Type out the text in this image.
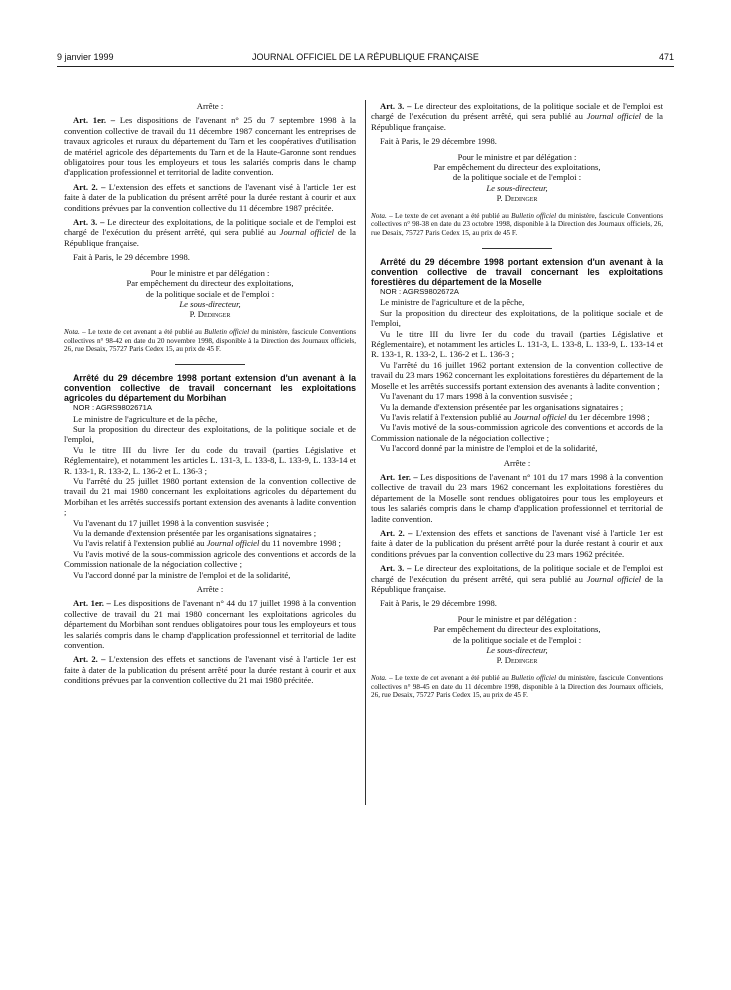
9 janvier 1999	JOURNAL OFFICIEL DE LA RÉPUBLIQUE FRANÇAISE	471

Arrête :

Art. 1er. – Les dispositions de l'avenant n° 25 du 7 septembre 1998 à la convention collective de travail du 11 décembre 1987 concernant les entreprises de travaux agricoles et ruraux du département du Tarn et les coopératives d'utilisation de matériel agricole des départements du Tarn et de la Haute-Garonne sont rendues obligatoires pour tous les employeurs et tous les salariés compris dans le champ d'application professionnel et territorial de ladite convention.

Art. 2. – L'extension des effets et sanctions de l'avenant visé à l'article 1er est faite à dater de la publication du présent arrêté pour la durée restant à courir et aux conditions prévues par la convention collective du 11 décembre 1987 précitée.

Art. 3. – Le directeur des exploitations, de la politique sociale et de l'emploi est chargé de l'exécution du présent arrêté, qui sera publié au Journal officiel de la République française.

Fait à Paris, le 29 décembre 1998.

Pour le ministre et par délégation :

Par empêchement du directeur des exploitations,

de la politique sociale et de l'emploi :

Le sous-directeur,

P. Dedinger

Nota. – Le texte de cet avenant a été publié au Bulletin officiel du ministère, fascicule Conventions collectives n° 98-42 en date du 20 novembre 1998, disponible à la Direction des Journaux officiels, 26, rue Desaix, 75727 Paris Cedex 15, au prix de 45 F.

Arrêté du 29 décembre 1998 portant extension d'un avenant à la convention collective de travail concernant les exploitations agricoles du département du Morbihan

NOR : AGRS9802671A

Le ministre de l'agriculture et de la pêche,

Sur la proposition du directeur des exploitations, de la politique sociale et de l'emploi,

Vu le titre III du livre Ier du code du travail (parties Législative et Réglementaire), et notamment les articles L. 131-3, L. 133-8, L. 133-9, L. 133-14 et R. 133-1, R. 133-2, L. 136-2 et L. 136-3 ;

Vu l'arrêté du 25 juillet 1980 portant extension de la convention collective de travail du 21 mai 1980 concernant les exploitations agricoles du département du Morbihan et les arrêtés successifs portant extension des avenants à ladite convention ;

Vu l'avenant du 17 juillet 1998 à la convention susvisée ;

Vu la demande d'extension présentée par les organisations signataires ;

Vu l'avis relatif à l'extension publié au Journal officiel du 11 novembre 1998 ;

Vu l'avis motivé de la sous-commission agricole des conventions et accords de la Commission nationale de la négociation collective ;

Vu l'accord donné par la ministre de l'emploi et de la solidarité,

Arrête :

Art. 1er. – Les dispositions de l'avenant n° 44 du 17 juillet 1998 à la convention collective de travail du 21 mai 1980 concernant les exploitations agricoles du département du Morbihan sont rendues obligatoires pour tous les employeurs et tous les salariés compris dans le champ d'application professionnel et territorial de ladite convention.

Art. 2. – L'extension des effets et sanctions de l'avenant visé à l'article 1er est faite à dater de la publication du présent arrêté pour la durée restant à courir et aux conditions prévues par la convention collective du 21 mai 1980 précitée.

Art. 3. – Le directeur des exploitations, de la politique sociale et de l'emploi est chargé de l'exécution du présent arrêté, qui sera publié au Journal officiel de la République française.

Fait à Paris, le 29 décembre 1998.

Pour le ministre et par délégation :

Par empêchement du directeur des exploitations,

de la politique sociale et de l'emploi :

Le sous-directeur,

P. Dedinger

Nota. – Le texte de cet avenant a été publié au Bulletin officiel du ministère, fascicule Conventions collectives n° 98-38 en date du 23 octobre 1998, disponible à la Direction des Journaux officiels, 26, rue Desaix, 75727 Paris Cedex 15, au prix de 45 F.

Arrêté du 29 décembre 1998 portant extension d'un avenant à la convention collective de travail concernant les exploitations forestières du département de la Moselle

NOR : AGRS9802672A

Le ministre de l'agriculture et de la pêche,

Sur la proposition du directeur des exploitations, de la politique sociale et de l'emploi,

Vu le titre III du livre Ier du code du travail (parties Législative et Réglementaire), et notamment les articles L. 131-3, L. 133-8, L. 133-9, L. 133-14 et R. 133-1, R. 133-2, L. 136-2 et L. 136-3 ;

Vu l'arrêté du 16 juillet 1962 portant extension de la convention collective de travail du 23 mars 1962 concernant les exploitations forestières du département de la Moselle et les arrêtés successifs portant extension des avenants à ladite convention ;

Vu l'avenant du 17 mars 1998 à la convention susvisée ;

Vu la demande d'extension présentée par les organisations signataires ;

Vu l'avis relatif à l'extension publié au Journal officiel du 1er décembre 1998 ;

Vu l'avis motivé de la sous-commission agricole des conventions et accords de la Commission nationale de la négociation collective ;

Vu l'accord donné par la ministre de l'emploi et de la solidarité,

Arrête :

Art. 1er. – Les dispositions de l'avenant n° 101 du 17 mars 1998 à la convention collective de travail du 23 mars 1962 concernant les exploitations forestières du département de la Moselle sont rendues obligatoires pour tous les employeurs et tous les salariés compris dans le champ d'application professionnel et territorial de ladite convention.

Art. 2. – L'extension des effets et sanctions de l'avenant visé à l'article 1er est faite à dater de la publication du présent arrêté pour la durée restant à courir et aux conditions prévues par la convention collective du 23 mars 1962 précitée.

Art. 3. – Le directeur des exploitations, de la politique sociale et de l'emploi est chargé de l'exécution du présent arrêté, qui sera publié au Journal officiel de la République française.

Fait à Paris, le 29 décembre 1998.

Pour le ministre et par délégation :

Par empêchement du directeur des exploitations,

de la politique sociale et de l'emploi :

Le sous-directeur,

P. Dedinger

Nota. – Le texte de cet avenant a été publié au Bulletin officiel du ministère, fascicule Conventions collectives n° 98-45 en date du 11 décembre 1998, disponible à la Direction des Journaux officiels, 26, rue Desaix, 75727 Paris Cedex 15, au prix de 45 F.
